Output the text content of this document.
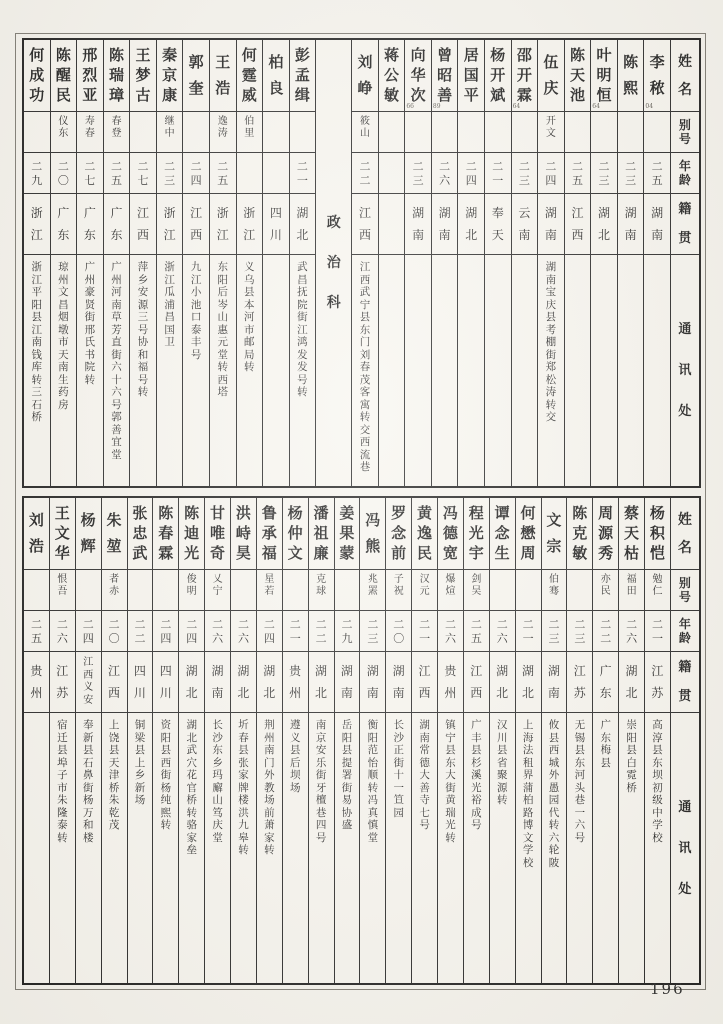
何
成
功
二
九
浙
江
浙
江
平
阳
县
江
南
钱
库
转
三
石
桥
陈
醒
民
仪
东
二
〇
广
东
琼
州
文
昌
烟
墩
市
天
南
生
药
房
邢
烈
亚
寿
春
二
七
广
东
广
州
豪
贤
街
邢
氏
书
院
转
陈
瑞
璋
春
登
二
五
广
东
广
州
河
南
草
芳
直
街
六
十
六
号
郭
善
宜
堂
王
梦
古
二
七
江
西
萍
乡
安
源
三
号
协
和
福
号
转
秦
京
康
继
中
二
三
浙
江
浙
江
瓜
浦
昌
国
卫
郭
奎
二
四
江
西
九
江
小
池
口
泰
丰
号
王
浩
逸
涛
二
五
浙
江
东
阳
后
岑
山
惠
元
堂
转
西
塔
何
霆
威
伯
里
浙
江
义
乌
县
本
河
市
邮
局
转
柏
良
四
川
彭
孟
缉
二
一
湖
北
武
昌
抚
院
街
江
鸿
发
发
号
转
政
治
科
刘
峥
筱
山
二
二
江
西
江
西
武
宁
县
东
门
刘
春
茂
客
寓
转
交
西
流
巷
蒋
公
敏
向
华
次
66
二
三
湖
南
曾
昭
善
89
二
六
湖
南
居
国
平
二
四
湖
北
杨
开
斌
二
一
奉
天
邵
开
霖
64
二
三
云
南
伍
庆
开
文
二
四
湖
南
湖
南
宝
庆
县
考
棚
街
郑
松
涛
转
交
陈
天
池
二
五
江
西
叶
明
恒
64
二
三
湖
北
陈
熙
二
三
湖
南
李
秾
04
二
五
湖
南
姓
名
别
号
年
龄
籍
贯
通
讯
处
刘
浩
二
五
贵
州
王
文
华
恨
吾
二
六
江
苏
宿
迁
县
埠
子
市
朱
隆
泰
转
杨
辉
二
四
江
西
义
安
奉
新
县
石
鼻
街
杨
万
和
楼
朱
堃
者
赤
二
〇
江
西
上
饶
县
天
津
桥
朱
乾
茂
张
忠
武
二
二
四
川
铜
梁
县
上
乡
新
场
陈
春
霖
二
四
四
川
资
阳
县
西
街
杨
纯
熙
转
陈
迪
光
俊
明
二
四
湖
北
湖
北
武
穴
花
官
桥
转
骆
家
垒
甘
唯
奇
乂
宁
二
六
湖
南
长
沙
东
乡
玛
廨
山
笃
庆
堂
洪
峙
昊
二
六
湖
北
圻
春
县
张
家
牌
楼
洪
九
皋
转
鲁
承
福
星
若
二
四
湖
北
荆
州
南
门
外
教
场
前
萧
家
转
杨
仲
文
二
一
贵
州
遵
义
县
后
坝
场
潘
祖
廉
克
球
二
二
湖
北
南
京
安
乐
街
牙
檀
巷
四
号
姜
果
蒙
二
九
湖
南
岳
阳
县
提
署
街
易
协
盛
冯
熊
兆
罴
二
三
湖
南
衡
阳
范
怡
顺
转
冯
真
慎
堂
罗
念
前
子
祝
二
〇
湖
南
长
沙
正
街
十
一
笪
园
黄
逸
民
汉
元
二
一
江
西
湖
南
常
德
大
善
寺
七
号
冯
德
宽
爆
煊
二
六
贵
州
镇
宁
县
东
大
街
黄
瑞
光
转
程
光
宇
剑
吴
二
五
江
西
广
丰
县
杉
溪
光
裕
成
号
谭
念
生
二
六
湖
北
汉
川
县
省
聚
源
转
何
懋
周
二
一
湖
北
上
海
法
租
界
蒲
柏
路
博
文
学
校
文
宗
伯
骞
二
三
湖
南
攸
县
西
城
外
愚
园
代
转
六
轮
陂
陈
克
敏
二
三
江
苏
无
锡
县
东
河
头
巷
一
六
号
周
源
秀
亦
民
二
二
广
东
广
东
梅
县
蔡
天
枯
福
田
二
六
湖
北
崇
阳
县
白
霓
桥
杨
积
恺
勉
仁
二
一
江
苏
高
淳
县
东
坝
初
级
中
学
校
姓
名
别
号
年
龄
籍
贯
通
讯
处
196
